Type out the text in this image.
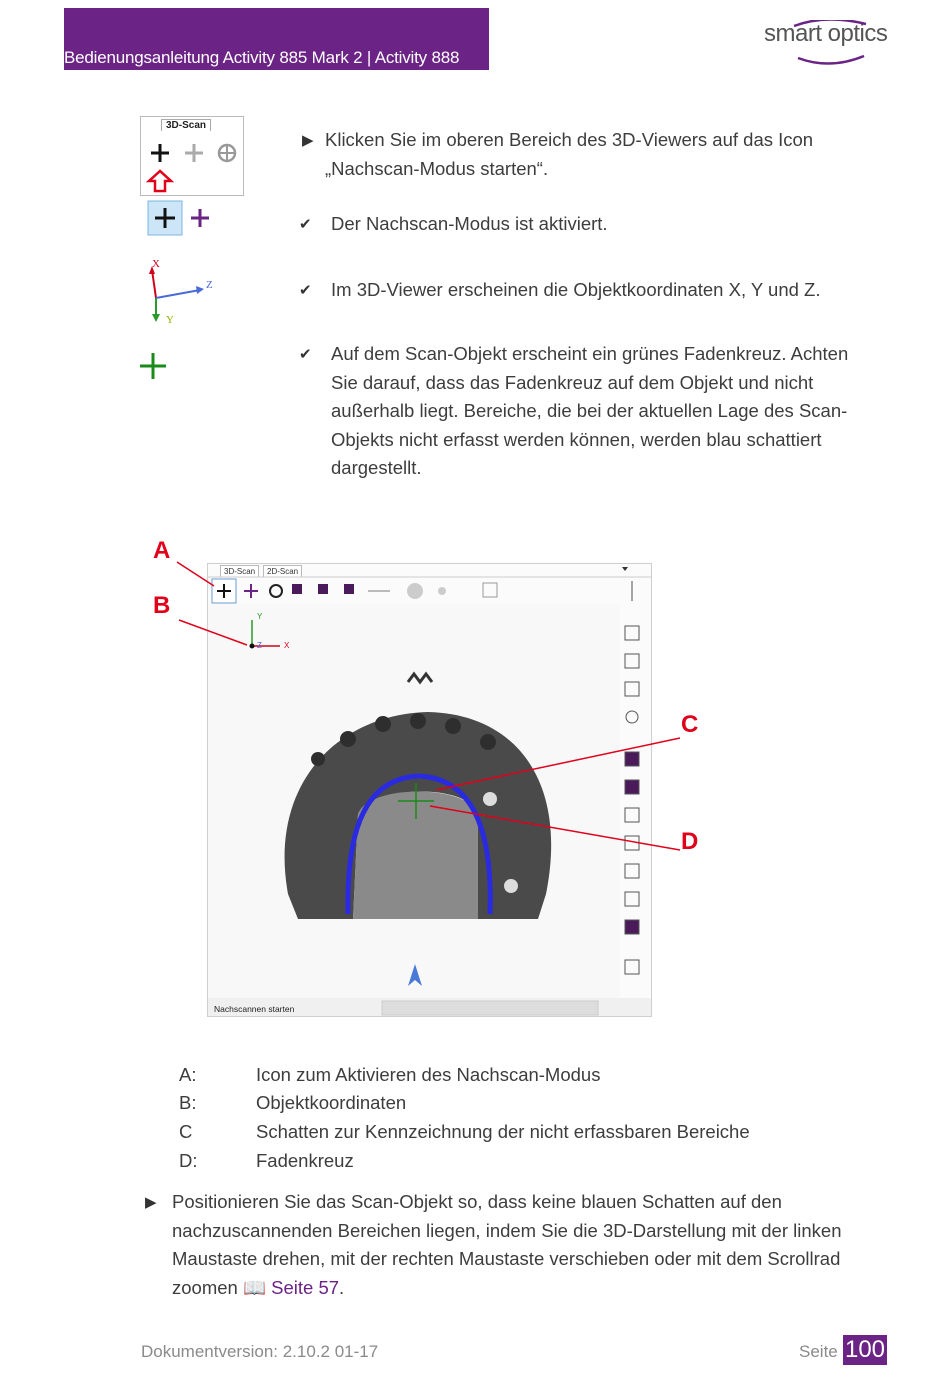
Bedienungsanleitung Activity 885 Mark 2 | Activity 888
smart optics
3D-Scan
X
Z
Y
▶ Klicken Sie im oberen Bereich des 3D-Viewers auf das Icon „Nachscan-Modus starten“.
✔ Der Nachscan-Modus ist aktiviert.
✔ Im 3D-Viewer erscheinen die Objektkoordinaten X, Y und Z.
✔ Auf dem Scan-Objekt erscheint ein grünes Fadenkreuz. Achten Sie darauf, dass das Fadenkreuz auf dem Objekt und nicht außerhalb liegt. Bereiche, die bei der aktuellen Lage des Scan-Objekts nicht erfasst werden können, werden blau schattiert dargestellt.
3D-Scan	2D-Scan
Y
X
Z
Nachscannen starten
A
B
C
D
A:	Icon zum Aktivieren des Nachscan-Modus
B:	Objektkoordinaten
C	Schatten zur Kennzeichnung der nicht erfassbaren Bereiche
D:	Fadenkreuz
▶ Positionieren Sie das Scan-Objekt so, dass keine blauen Schatten auf den nachzuscannenden Bereichen liegen, indem Sie die 3D-Darstellung mit der linken Maustaste drehen, mit der rechten Maustaste verschieben oder mit dem Scrollrad zoomen 📖 Seite 57.
Dokumentversion: 2.10.2 01-17	Seite 100
